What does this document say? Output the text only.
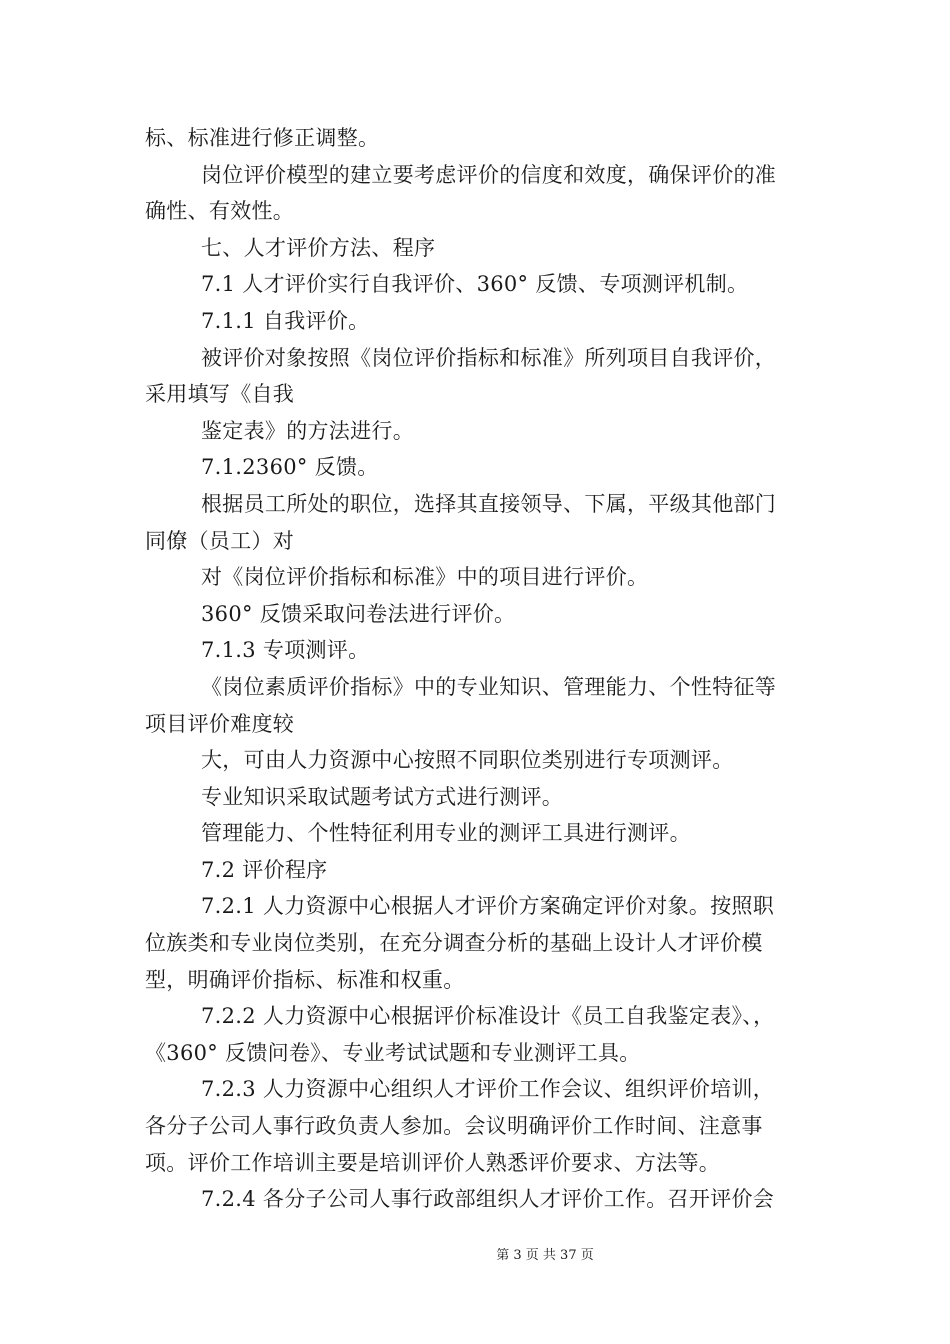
标、标准进行修正调整。
岗位评价模型的建立要考虑评价的信度和效度，确保评价的准
确性、有效性。
七、人才评价方法、程序
7.1 人才评价实行自我评价、360° 反馈、专项测评机制。
7.1.1 自我评价。
被评价对象按照《岗位评价指标和标准》所列项目自我评价，
采用填写《自我
鉴定表》的方法进行。
7.1.2360° 反馈。
根据员工所处的职位，选择其直接领导、下属，平级其他部门
同僚（员工）对
对《岗位评价指标和标准》中的项目进行评价。
360° 反馈采取问卷法进行评价。
7.1.3 专项测评。
《岗位素质评价指标》中的专业知识、管理能力、个性特征等
项目评价难度较
大，可由人力资源中心按照不同职位类别进行专项测评。
专业知识采取试题考试方式进行测评。
管理能力、个性特征利用专业的测评工具进行测评。
7.2 评价程序
7.2.1 人力资源中心根据人才评价方案确定评价对象。按照职
位族类和专业岗位类别，在充分调查分析的基础上设计人才评价模
型，明确评价指标、标准和权重。
7.2.2 人力资源中心根据评价标准设计《员工自我鉴定表》、，
《360° 反馈问卷》、专业考试试题和专业测评工具。
7.2.3 人力资源中心组织人才评价工作会议、组织评价培训，
各分子公司人事行政负责人参加。会议明确评价工作时间、注意事
项。评价工作培训主要是培训评价人熟悉评价要求、方法等。
7.2.4 各分子公司人事行政部组织人才评价工作。召开评价会
第 3 页 共 37 页
